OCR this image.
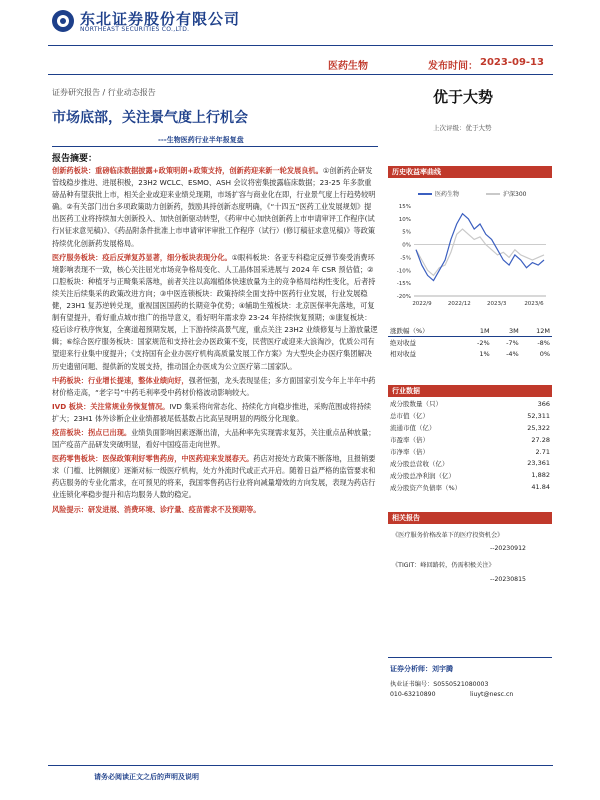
东北证券股份有限公司
NORTHEAST SECURITIES CO.,LTD.
医药生物	发布时间： 2023-09-13
证券研究报告 / 行业动态报告	优于大势
市场底部，关注景气度上行机会
---生物医药行业半年报复盘
上次评级：优于大势
报告摘要：

创新药板块：重磅临床数据披露+政策明朗+政策支持，创新药迎来新一轮发展良机。①创新药企研发管线稳步推进、进展积极，23H2 WCLC、ESMO、ASH 会议将密集披露临床数据；23-25 年多款重磅品种有望获批上市，相关企业或迎来业绩兑现期，市场扩容与商业化在即，行业景气度上行趋势较明确。②有关部门出台多项政策助力创新药，鼓励具持创新态度明确，《“十四五”医药工业发展规划》提出医药工业将持续加大创新投入、加快创新驱动转型，《药审中心加快创新药上市申请审评工作程序(试行)(征求意见稿)》、《药品附条件批准上市申请审评审批工作程序（试行）(修订稿征求意见稿)》等政策持续优化创新药发展格局。

医疗服务板块：疫后反弹复苏显著，细分板块表现分化。①眼科板块：各亚专科稳定反弹节奏受消费环境影响表现不一致，核心关注屈光市场竞争格局变化、人工晶体国采进展与 2024 年 CSR 预估值；②口腔板块：种植牙与正畸集采落地，前者关注以高端植体快速放量为主的竞争格局结构性变化，后者持续关注后续集采的政策改进方向；③中医连锁板块：政策持续全面支持中医药行业发展，行业发展稳健，23H1 复苏逆转兑现，重视国医国药的长期竞争优势；④辅助生殖板块：北京医保率先落地，可复制有望提升，看好重点城市推广的指导意义，看好明年需求券 23-24 年持续恢复预期；⑤康复板块：疫后诊疗秩序恢复，全赛道超预期发展，上下游持续高景气度，重点关注 23H2 业绩修复与上游放量逻辑；⑥综合医疗服务板块：国家规范和支持社会办医政策不变，民营医疗或迎来大浪淘沙，优质公司有望迎来行业集中度提升；《支持国有企业办医疗机构高质量发展工作方案》为大型央企办医疗集团解决历史遗留问题、提供新的发展支持，推动国企办医成为公立医疗第二国家队。

中药板块：行业增长提速，整体业绩向好，强者恒强，龙头表现显佳；多方面国家引发今年上半年中药材价格走高，“老字号”中药毛利率受中药材价格波动影响较大。

IVD 板块：关注常规业务恢复情况。IVD 集采将向常态化、持续化方向稳步推进，采购范围或将持续扩大；23H1 体外诊断企业业绩都被尾低基数占比高呈现明显的两级分化现象。

疫苗板块：拐点已出现。业绩负面影响因素逐渐出清，大品种率先实现需求复苏，关注重点品种放量；国产疫苗产品研发突破明显，看好中国疫苗走向世界。

医药零售板块：医保政策利好零售药房，中医药迎来发展春天。药店对接处方政策不断落地，且报销要求（门槛、比例额度）逐渐对标一级医疗机构，处方外流时代或正式开启。随着日益严格的监管要求和药店服务的专业化需求，在可预见的将来，我国零售药店行业将向减量增效的方向发展，表现为药店行业连锁化率稳步提升和店均服务人数的稳定。

风险提示：研发进展、消费环境、诊疗量、疫苗需求不及预期等。

历史收益率曲线
医药生物	沪深300
15%
10%
5%
0%
-5%
-10%
-15%
-20%
2022/9	2022/12	2023/3	2023/6
涨跌幅（%）	1M	3M	12M
绝对收益	-2%	-7%	-8%
相对收益	1%	-4%	0%
行业数据
成分股数量（只）	366
总市值（亿）	52,311
流通市值（亿）	25,322
市盈率（倍）	27.28
市净率（倍）	2.71
成分股总营收（亿）	23,361
成分股总净利润（亿）	1,882
成分股资产负债率（%）	41.84
相关报告
《医疗服务价格改革下的医疗投资机会》
--20230912
《TIGIT：峰回路转，仍需积极关注》
--20230815
证券分析师：刘宇腾
执业证书编号：S0550521080003
010-63210890	liuyt@nesc.cn
请务必阅读正文之后的声明及说明
